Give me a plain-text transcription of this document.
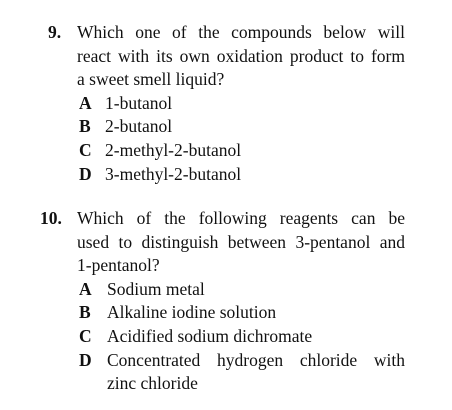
9. Which one of the compounds below will
react with its own oxidation product to form
a sweet smell liquid?
A 1-butanol
B 2-butanol
C 2-methyl-2-butanol
D 3-methyl-2-butanol
10. Which of the following reagents can be
used to distinguish between 3-pentanol and
1-pentanol?
A Sodium metal
B Alkaline iodine solution
C Acidified sodium dichromate
D Concentrated hydrogen chloride with
zinc chloride
